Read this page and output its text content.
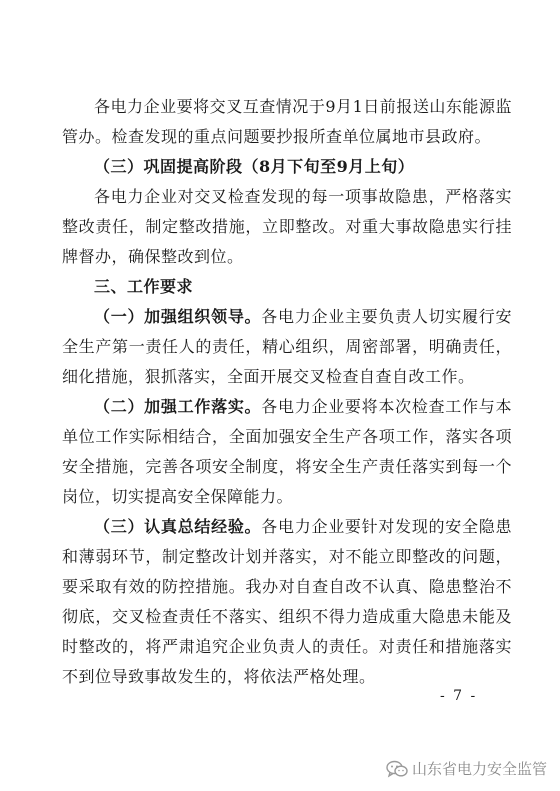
各电力企业要将交叉互查情况于9月1日前报送山东能源监管办。检查发现的重点问题要抄报所查单位属地市县政府。

（三）巩固提高阶段（8月下旬至9月上旬）

各电力企业对交叉检查发现的每一项事故隐患，严格落实整改责任，制定整改措施，立即整改。对重大事故隐患实行挂牌督办，确保整改到位。

三、工作要求

（一）加强组织领导。各电力企业主要负责人切实履行安全生产第一责任人的责任，精心组织，周密部署，明确责任，细化措施，狠抓落实，全面开展交叉检查自查自改工作。

（二）加强工作落实。各电力企业要将本次检查工作与本单位工作实际相结合，全面加强安全生产各项工作，落实各项安全措施，完善各项安全制度，将安全生产责任落实到每一个岗位，切实提高安全保障能力。

（三）认真总结经验。各电力企业要针对发现的安全隐患和薄弱环节，制定整改计划并落实，对不能立即整改的问题，要采取有效的防控措施。我办对自查自改不认真、隐患整治不彻底，交叉检查责任不落实、组织不得力造成重大隐患未能及时整改的，将严肃追究企业负责人的责任。对责任和措施落实不到位导致事故发生的，将依法严格处理。

- 7 -
山东省电力安全监管
